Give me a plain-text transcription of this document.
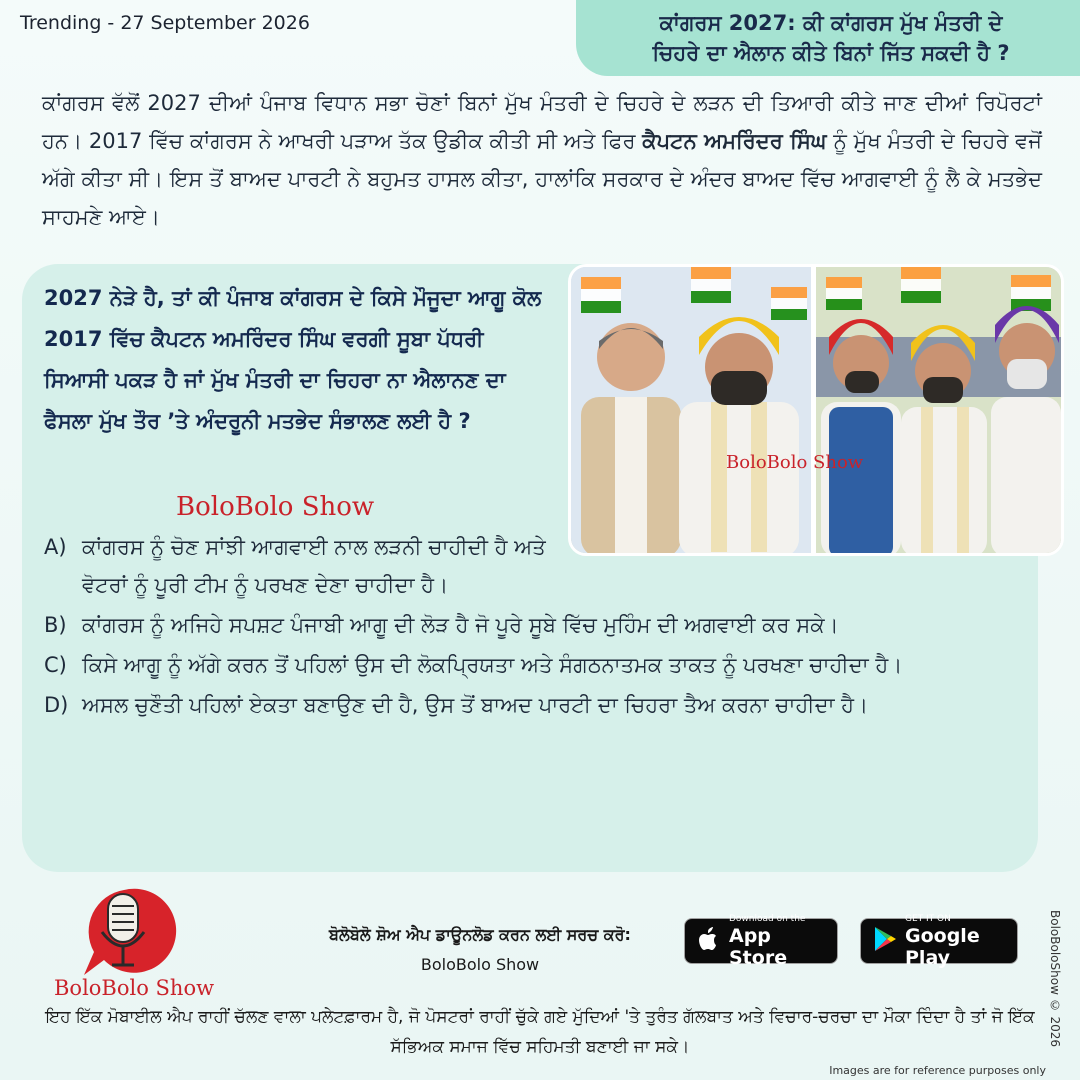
Trending - 27 September 2026	ਕਾਂਗਰਸ 2027: ਕੀ ਕਾਂਗਰਸ ਮੁੱਖ ਮੰਤਰੀ ਦੇ
ਚਿਹਰੇ ਦਾ ਐਲਾਨ ਕੀਤੇ ਬਿਨਾਂ ਜਿੱਤ ਸਕਦੀ ਹੈ ?

ਕਾਂਗਰਸ ਵੱਲੋਂ 2027 ਦੀਆਂ ਪੰਜਾਬ ਵਿਧਾਨ ਸਭਾ ਚੋਣਾਂ ਬਿਨਾਂ ਮੁੱਖ ਮੰਤਰੀ ਦੇ ਚਿਹਰੇ ਦੇ ਲੜਨ ਦੀ ਤਿਆਰੀ ਕੀਤੇ ਜਾਣ ਦੀਆਂ ਰਿਪੋਰਟਾਂ ਹਨ। 2017 ਵਿੱਚ ਕਾਂਗਰਸ ਨੇ ਆਖਰੀ ਪੜਾਅ ਤੱਕ ਉਡੀਕ ਕੀਤੀ ਸੀ ਅਤੇ ਫਿਰ ਕੈਪਟਨ ਅਮਰਿੰਦਰ ਸਿੰਘ ਨੂੰ ਮੁੱਖ ਮੰਤਰੀ ਦੇ ਚਿਹਰੇ ਵਜੋਂ ਅੱਗੇ ਕੀਤਾ ਸੀ। ਇਸ ਤੋਂ ਬਾਅਦ ਪਾਰਟੀ ਨੇ ਬਹੁਮਤ ਹਾਸਲ ਕੀਤਾ, ਹਾਲਾਂਕਿ ਸਰਕਾਰ ਦੇ ਅੰਦਰ ਬਾਅਦ ਵਿੱਚ ਆਗਵਾਈ ਨੂੰ ਲੈ ਕੇ ਮਤਭੇਦ ਸਾਹਮਣੇ ਆਏ।

2027 ਨੇੜੇ ਹੈ, ਤਾਂ ਕੀ ਪੰਜਾਬ ਕਾਂਗਰਸ ਦੇ ਕਿਸੇ ਮੌਜੂਦਾ ਆਗੂ ਕੋਲ 2017 ਵਿੱਚ ਕੈਪਟਨ ਅਮਰਿੰਦਰ ਸਿੰਘ ਵਰਗੀ ਸੂਬਾ ਪੱਧਰੀ ਸਿਆਸੀ ਪਕੜ ਹੈ ਜਾਂ ਮੁੱਖ ਮੰਤਰੀ ਦਾ ਚਿਹਰਾ ਨਾ ਐਲਾਨਣ ਦਾ ਫੈਸਲਾ ਮੁੱਖ ਤੌਰ ’ਤੇ ਅੰਦਰੂਨੀ ਮਤਭੇਦ ਸੰਭਾਲਣ ਲਈ ਹੈ ?

BoloBolo Show
BoloBolo Show
A) ਕਾਂਗਰਸ ਨੂੰ ਚੋਣ ਸਾਂਝੀ ਆਗਵਾਈ ਨਾਲ ਲੜਨੀ ਚਾਹੀਦੀ ਹੈ ਅਤੇ ਵੋਟਰਾਂ ਨੂੰ ਪੂਰੀ ਟੀਮ ਨੂੰ ਪਰਖਣ ਦੇਣਾ ਚਾਹੀਦਾ ਹੈ।
B) ਕਾਂਗਰਸ ਨੂੰ ਅਜਿਹੇ ਸਪਸ਼ਟ ਪੰਜਾਬੀ ਆਗੂ ਦੀ ਲੋੜ ਹੈ ਜੋ ਪੂਰੇ ਸੂਬੇ ਵਿੱਚ ਮੁਹਿੰਮ ਦੀ ਅਗਵਾਈ ਕਰ ਸਕੇ।
C) ਕਿਸੇ ਆਗੂ ਨੂੰ ਅੱਗੇ ਕਰਨ ਤੋਂ ਪਹਿਲਾਂ ਉਸ ਦੀ ਲੋਕਪ੍ਰਿਯਤਾ ਅਤੇ ਸੰਗਠਨਾਤਮਕ ਤਾਕਤ ਨੂੰ ਪਰਖਣਾ ਚਾਹੀਦਾ ਹੈ।
D) ਅਸਲ ਚੁਣੌਤੀ ਪਹਿਲਾਂ ਏਕਤਾ ਬਣਾਉਣ ਦੀ ਹੈ, ਉਸ ਤੋਂ ਬਾਅਦ ਪਾਰਟੀ ਦਾ ਚਿਹਰਾ ਤੈਅ ਕਰਨਾ ਚਾਹੀਦਾ ਹੈ।
BoloBolo Show
ਬੋਲੋਬੋਲੋ ਸ਼ੋਅ ਐਪ ਡਾਊਨਲੋਡ ਕਰਨ ਲਈ ਸਰਚ ਕਰੋ:
BoloBolo Show
Download on the
App Store
GET IT ON
Google Play	BoloBoloShow © 2026

ਇਹ ਇੱਕ ਮੋਬਾਈਲ ਐਪ ਰਾਹੀਂ ਚੱਲਣ ਵਾਲਾ ਪਲੇਟਫ਼ਾਰਮ ਹੈ, ਜੋ ਪੋਸਟਰਾਂ ਰਾਹੀਂ ਚੁੱਕੇ ਗਏ ਮੁੱਦਿਆਂ 'ਤੇ ਤੁਰੰਤ ਗੱਲਬਾਤ ਅਤੇ ਵਿਚਾਰ-ਚਰਚਾ ਦਾ ਮੌਕਾ ਦਿੰਦਾ ਹੈ ਤਾਂ ਜੋ ਇੱਕ ਸੱਭਿਅਕ ਸਮਾਜ ਵਿੱਚ ਸਹਿਮਤੀ ਬਣਾਈ ਜਾ ਸਕੇ।

Images are for reference purposes only
